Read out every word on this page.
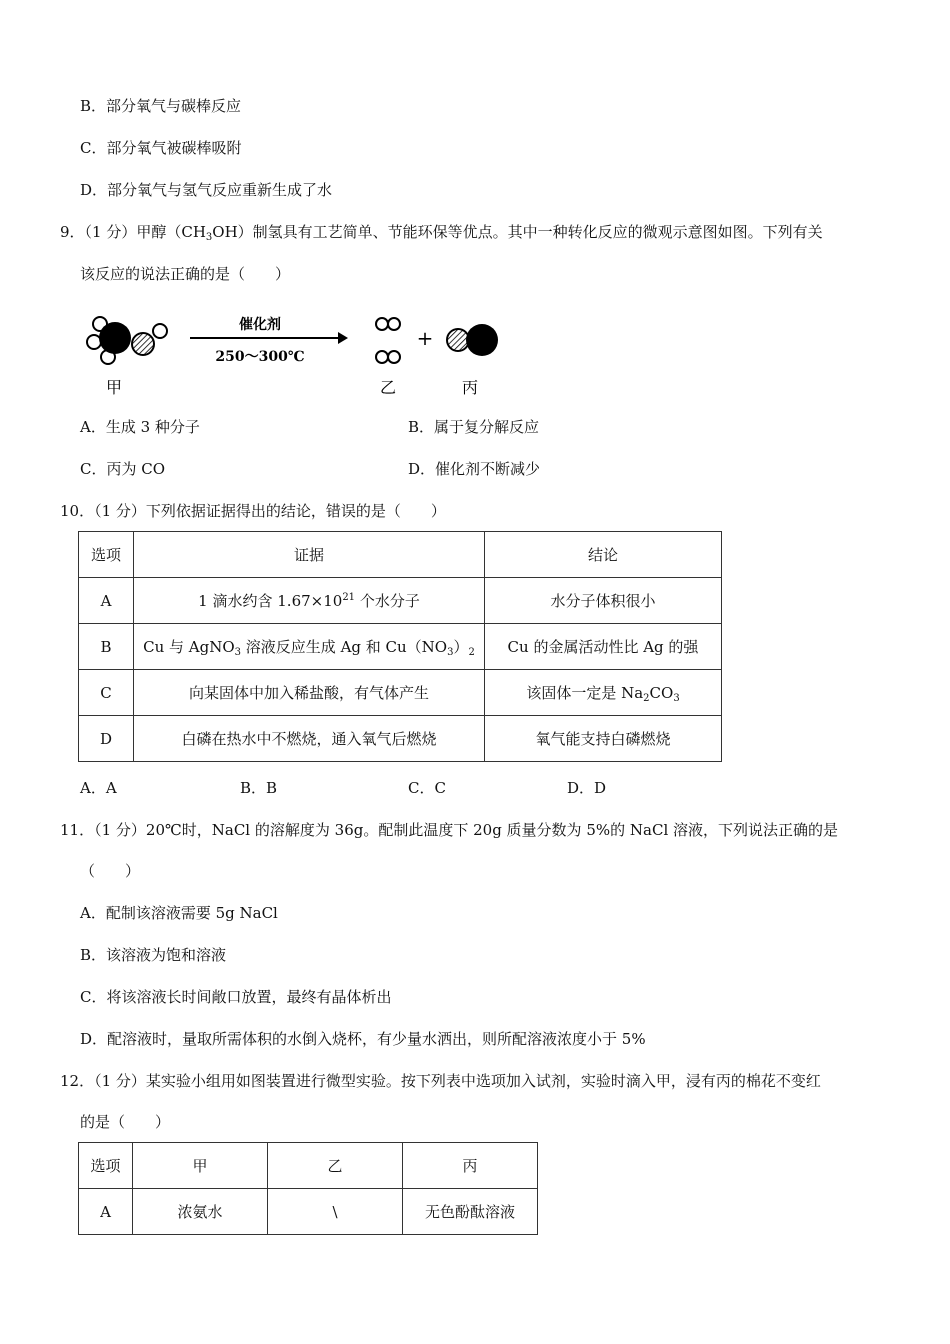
B．部分氧气与碳棒反应
C．部分氧气被碳棒吸附
D．部分氧气与氢气反应重新生成了水
9．（1 分）甲醇$(CH_3OH)$制氢具有工艺简单、节能环保等优点。其中一种转化反应的微观示意图如图。下列有关
该反应的说法正确的是（　　）
甲
催化剂
250～300℃
+
乙	丙
A．生成 3 种分子	B．属于复分解反应
C．丙为 CO	D．催化剂不断减少
10．（1 分）下列依据证据得出的结论，错误的是（　　）
选项	证据	结论
A	1 滴水约含 $1.67\times 10^{21}$ 个水分子	水分子体积很小
B	Cu 与 AgNO$_3$ 溶液反应生成 Ag 和 $Cu(NO_3)_2$	Cu 的金属活动性比 Ag 的强
C	向某固体中加入稀盐酸，有气体产生	该固体一定是 $Na_2CO_3$
D	白磷在热水中不燃烧，通入氧气后燃烧	氧气能支持白磷燃烧
A．A	B．B	C．C	D．D
11．（1 分）20℃时，NaCl 的溶解度为 36g。配制此温度下 20g 质量分数为 5%的 NaCl 溶液，下列说法正确的是
（　　）
A．配制该溶液需要 5g NaCl
B．该溶液为饱和溶液
C．将该溶液长时间敞口放置，最终有晶体析出
D．配溶液时，量取所需体积的水倒入烧杯，有少量水洒出，则所配溶液浓度小于 5%
12．（1 分）某实验小组用如图装置进行微型实验。按下列表中选项加入试剂，实验时滴入甲，浸有丙的棉花不变红
的是（　　）
选项	甲	乙	丙
A	浓氨水	\	无色酚酞溶液
